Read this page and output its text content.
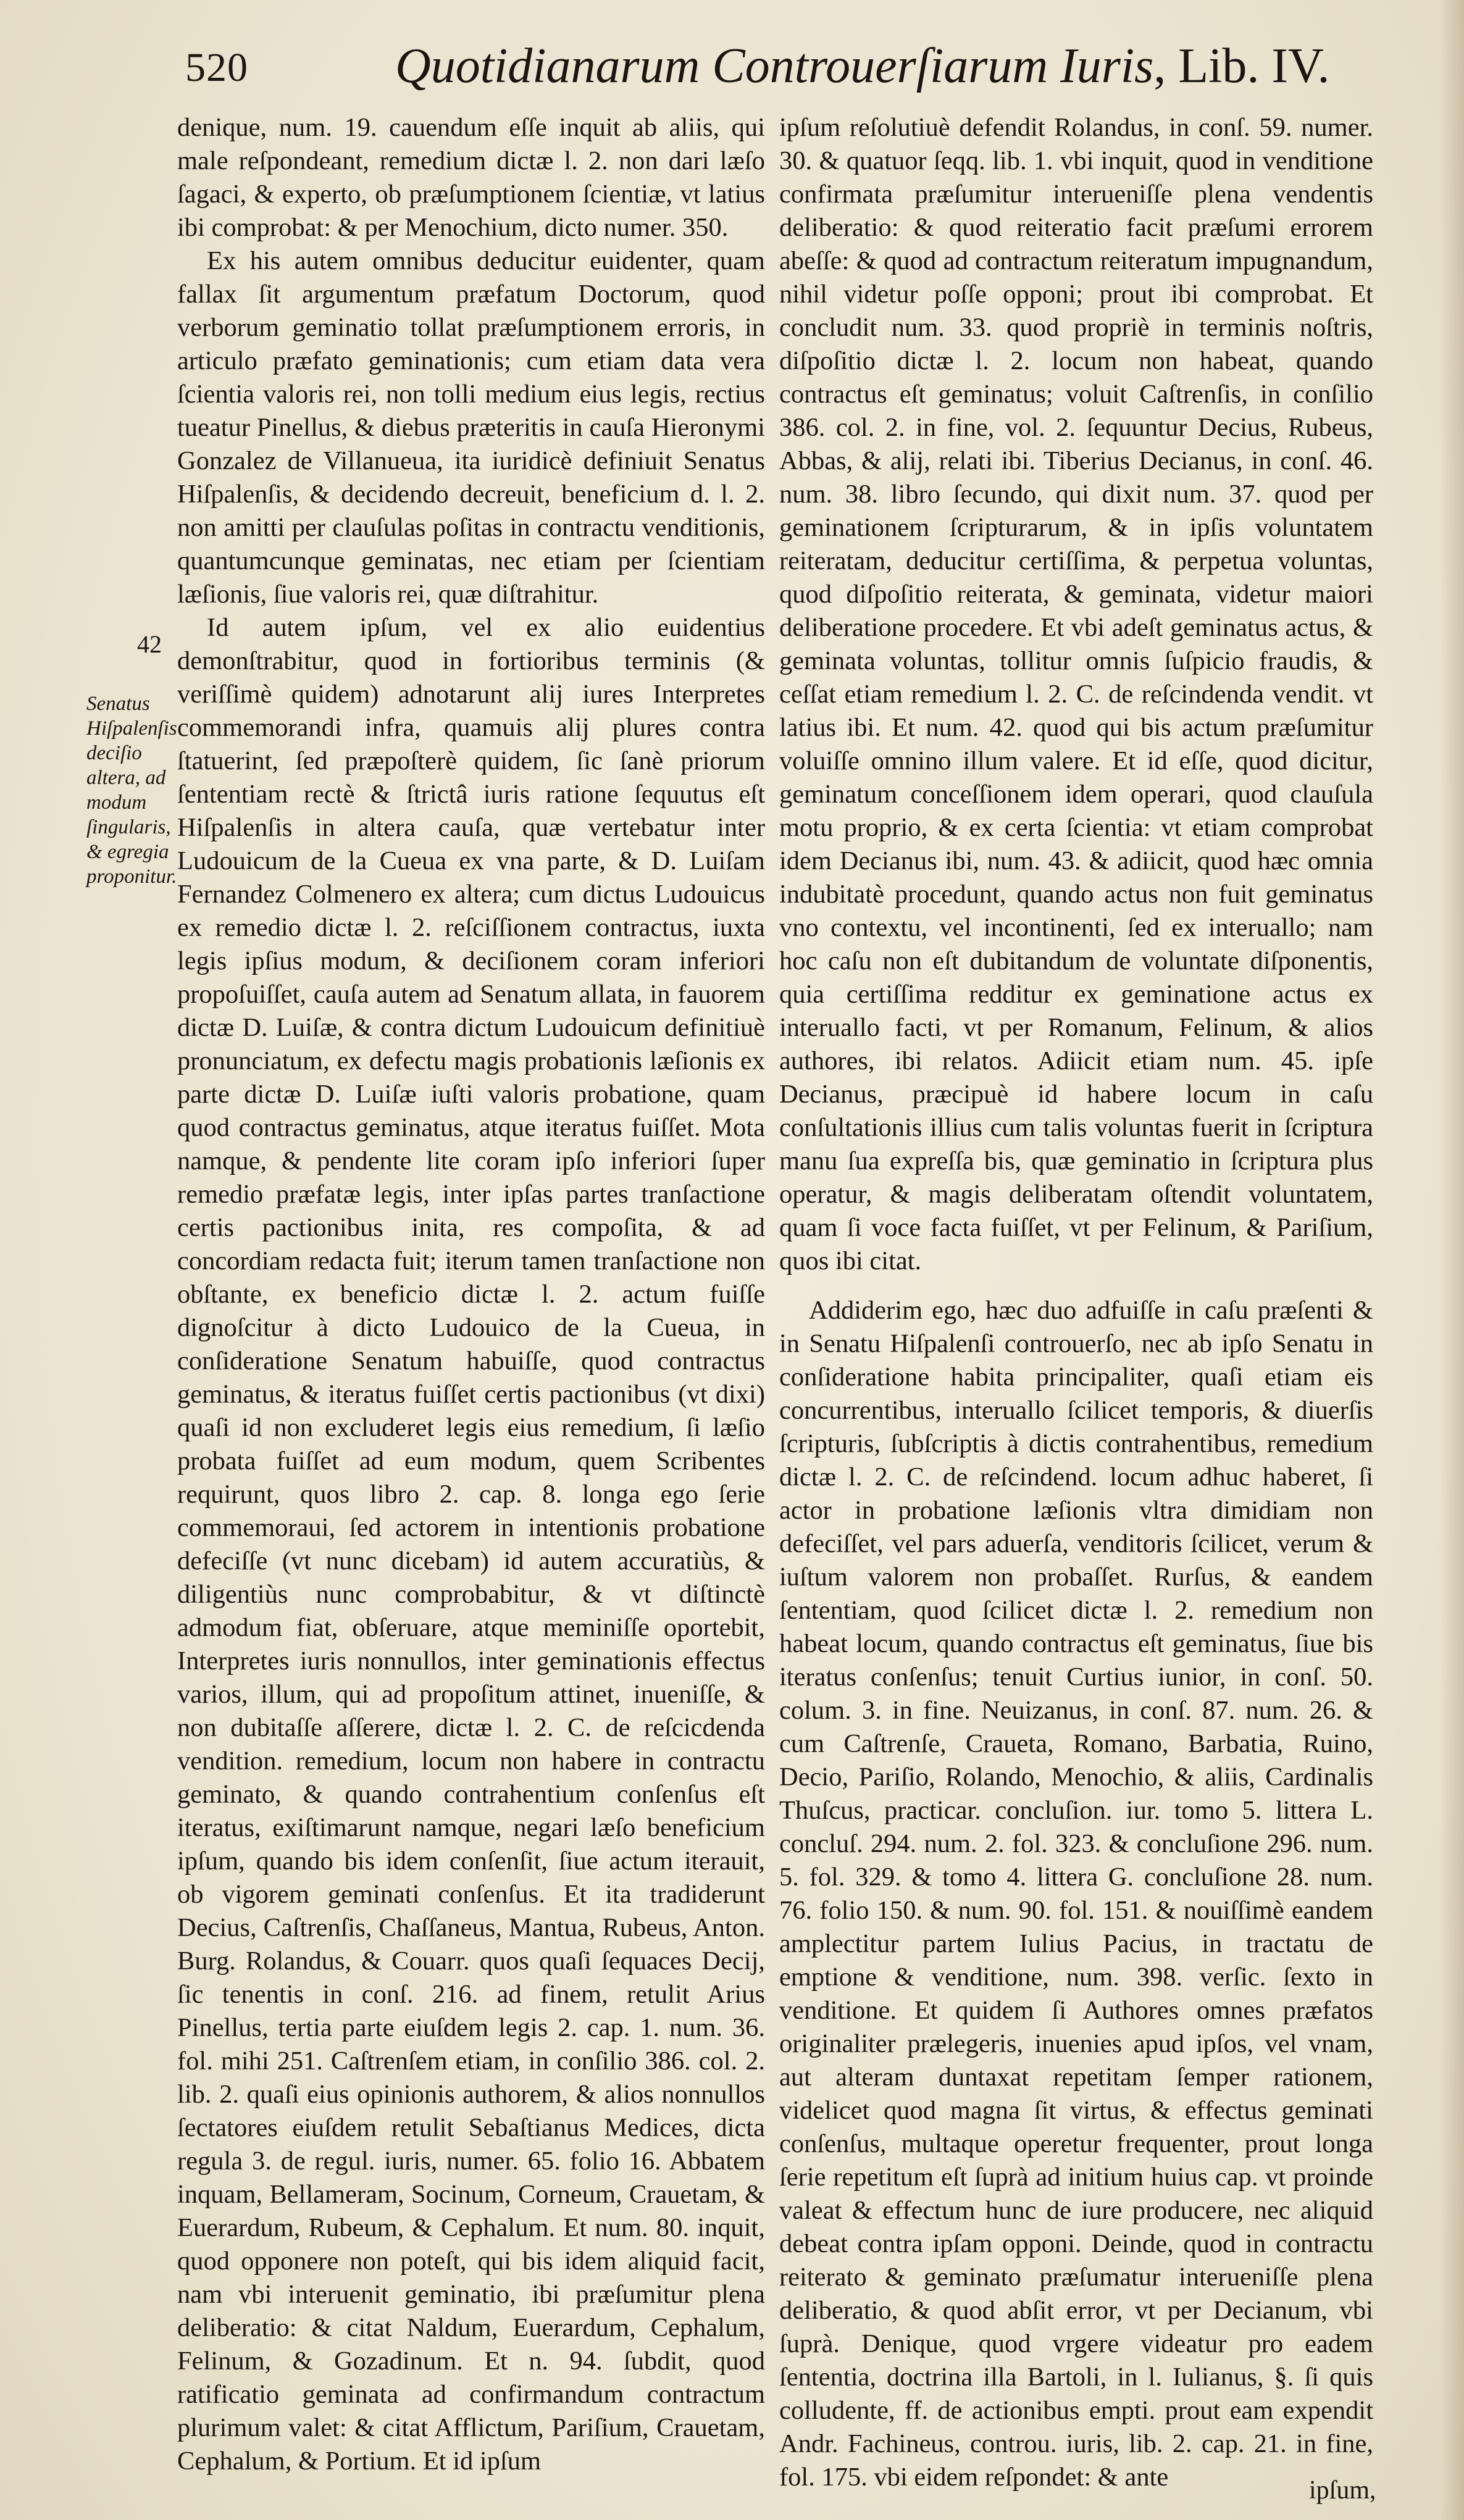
520	Quotidianarum Controuerſiarum Iuris, Lib. IV.
42
Senatus Hiſpalenſis deciſio altera, ad modum ſingularis, & egregia proponitur.

denique, num. 19. cauendum eſſe inquit ab aliis, qui male reſpondeant, remedium dictæ l. 2. non dari læſo ſagaci, & experto, ob præſumptionem ſcientiæ, vt latius ibi comprobat: & per Menochium, dicto numer. 350.

Ex his autem omnibus deducitur euidenter, quam fallax ſit argumentum præfatum Doctorum, quod verborum geminatio tollat præſumptionem erroris, in articulo præfato geminationis; cum etiam data vera ſcientia valoris rei, non tolli medium eius legis, rectius tueatur Pinellus, & diebus præteritis in cauſa Hieronymi Gonzalez de Villanueua, ita iuridicè definiuit Senatus Hiſpalenſis, & decidendo decreuit, beneficium d. l. 2. non amitti per clauſulas poſitas in contractu venditionis, quantumcunque geminatas, nec etiam per ſcientiam læſionis, ſiue valoris rei, quæ diſtrahitur.

Id autem ipſum, vel ex alio euidentius demonſtrabitur, quod in fortioribus terminis (& veriſſimè quidem) adnotarunt alij iures Interpretes commemorandi infra, quamuis alij plures contra ſtatuerint, ſed præpoſterè quidem, ſic ſanè priorum ſententiam rectè & ſtrictâ iuris ratione ſequutus eſt Hiſpalenſis in altera cauſa, quæ vertebatur inter Ludouicum de la Cueua ex vna parte, & D. Luiſam Fernandez Colmenero ex altera; cum dictus Ludouicus ex remedio dictæ l. 2. reſciſſionem contractus, iuxta legis ipſius modum, & deciſionem coram inferiori propoſuiſſet, cauſa autem ad Senatum allata, in fauorem dictæ D. Luiſæ, & contra dictum Ludouicum definitiuè pronunciatum, ex defectu magis probationis læſionis ex parte dictæ D. Luiſæ iuſti valoris probatione, quam quod contractus geminatus, atque iteratus fuiſſet. Mota namque, & pendente lite coram ipſo inferiori ſuper remedio præfatæ legis, inter ipſas partes tranſactione certis pactionibus inita, res compoſita, & ad concordiam redacta fuit; iterum tamen tranſactione non obſtante, ex beneficio dictæ l. 2. actum fuiſſe dignoſcitur à dicto Ludouico de la Cueua, in conſideratione Senatum habuiſſe, quod contractus geminatus, & iteratus fuiſſet certis pactionibus (vt dixi) quaſi id non excluderet legis eius remedium, ſi læſio probata fuiſſet ad eum modum, quem Scribentes requirunt, quos libro 2. cap. 8. longa ego ſerie commemoraui, ſed actorem in intentionis probatione defeciſſe (vt nunc dicebam) id autem accuratiùs, & diligentiùs nunc comprobabitur, & vt diſtinctè admodum fiat, obſeruare, atque meminiſſe oportebit, Interpretes iuris nonnullos, inter geminationis effectus varios, illum, qui ad propoſitum attinet, inueniſſe, & non dubitaſſe aſſerere, dictæ l. 2. C. de reſcicdenda vendition. remedium, locum non habere in contractu geminato, & quando contrahentium conſenſus eſt iteratus, exiſtimarunt namque, negari læſo beneficium ipſum, quando bis idem conſenſit, ſiue actum iterauit, ob vigorem geminati conſenſus. Et ita tradiderunt Decius, Caſtrenſis, Chaſſaneus, Mantua, Rubeus, Anton. Burg. Rolandus, & Couarr. quos quaſi ſequaces Decij, ſic tenentis in conſ. 216. ad finem, retulit Arius Pinellus, tertia parte eiuſdem legis 2. cap. 1. num. 36. fol. mihi 251. Caſtrenſem etiam, in conſilio 386. col. 2. lib. 2. quaſi eius opinionis authorem, & alios nonnullos ſectatores eiuſdem retulit Sebaſtianus Medices, dicta regula 3. de regul. iuris, numer. 65. folio 16. Abbatem inquam, Bellameram, Socinum, Corneum, Crauetam, & Euerardum, Rubeum, & Cephalum. Et num. 80. inquit, quod opponere non poteſt, qui bis idem aliquid facit, nam vbi interuenit geminatio, ibi præſumitur plena deliberatio: & citat Naldum, Euerardum, Cephalum, Felinum, & Gozadinum. Et n. 94. ſubdit, quod ratificatio geminata ad confirmandum contractum plurimum valet: & citat Afflictum, Pariſium, Crauetam, Cephalum, & Portium. Et id ipſum

ipſum reſolutiuè defendit Rolandus, in conſ. 59. numer. 30. & quatuor ſeqq. lib. 1. vbi inquit, quod in venditione confirmata præſumitur interueniſſe plena vendentis deliberatio: & quod reiteratio facit præſumi errorem abeſſe: & quod ad contractum reiteratum impugnandum, nihil videtur poſſe opponi; prout ibi comprobat. Et concludit num. 33. quod propriè in terminis noſtris, diſpoſitio dictæ l. 2. locum non habeat, quando contractus eſt geminatus; voluit Caſtrenſis, in conſilio 386. col. 2. in fine, vol. 2. ſequuntur Decius, Rubeus, Abbas, & alij, relati ibi. Tiberius Decianus, in conſ. 46. num. 38. libro ſecundo, qui dixit num. 37. quod per geminationem ſcripturarum, & in ipſis voluntatem reiteratam, deducitur certiſſima, & perpetua voluntas, quod diſpoſitio reiterata, & geminata, videtur maiori deliberatione procedere. Et vbi adeſt geminatus actus, & geminata voluntas, tollitur omnis ſuſpicio fraudis, & ceſſat etiam remedium l. 2. C. de reſcindenda vendit. vt latius ibi. Et num. 42. quod qui bis actum præſumitur voluiſſe omnino illum valere. Et id eſſe, quod dicitur, geminatum conceſſionem idem operari, quod clauſula motu proprio, & ex certa ſcientia: vt etiam comprobat idem Decianus ibi, num. 43. & adiicit, quod hæc omnia indubitatè procedunt, quando actus non fuit geminatus vno contextu, vel incontinenti, ſed ex interuallo; nam hoc caſu non eſt dubitandum de voluntate diſponentis, quia certiſſima redditur ex geminatione actus ex interuallo facti, vt per Romanum, Felinum, & alios authores, ibi relatos. Adiicit etiam num. 45. ipſe Decianus, præcipuè id habere locum in caſu conſultationis illius cum talis voluntas fuerit in ſcriptura manu ſua expreſſa bis, quæ geminatio in ſcriptura plus operatur, & magis deliberatam oſtendit voluntatem, quam ſi voce facta fuiſſet, vt per Felinum, & Pariſium, quos ibi citat.

Addiderim ego, hæc duo adfuiſſe in caſu præſenti & in Senatu Hiſpalenſi controuerſo, nec ab ipſo Senatu in conſideratione habita principaliter, quaſi etiam eis concurrentibus, interuallo ſcilicet temporis, & diuerſis ſcripturis, ſubſcriptis à dictis contrahentibus, remedium dictæ l. 2. C. de reſcindend. locum adhuc haberet, ſi actor in probatione læſionis vltra dimidiam non defeciſſet, vel pars aduerſa, venditoris ſcilicet, verum & iuſtum valorem non probaſſet. Rurſus, & eandem ſententiam, quod ſcilicet dictæ l. 2. remedium non habeat locum, quando contractus eſt geminatus, ſiue bis iteratus conſenſus; tenuit Curtius iunior, in conſ. 50. colum. 3. in fine. Neuizanus, in conſ. 87. num. 26. & cum Caſtrenſe, Craueta, Romano, Barbatia, Ruino, Decio, Pariſio, Rolando, Menochio, & aliis, Cardinalis Thuſcus, practicar. concluſion. iur. tomo 5. littera L. concluſ. 294. num. 2. fol. 323. & concluſione 296. num. 5. fol. 329. & tomo 4. littera G. concluſione 28. num. 76. folio 150. & num. 90. fol. 151. & nouiſſimè eandem amplectitur partem Iulius Pacius, in tractatu de emptione & venditione, num. 398. verſic. ſexto in venditione. Et quidem ſi Authores omnes præfatos originaliter prælegeris, inuenies apud ipſos, vel vnam, aut alteram duntaxat repetitam ſemper rationem, videlicet quod magna ſit virtus, & effectus geminati conſenſus, multaque operetur frequenter, prout longa ſerie repetitum eſt ſuprà ad initium huius cap. vt proinde valeat & effectum hunc de iure producere, nec aliquid debeat contra ipſam opponi. Deinde, quod in contractu reiterato & geminato præſumatur interueniſſe plena deliberatio, & quod abſit error, vt per Decianum, vbi ſuprà. Denique, quod vrgere videatur pro eadem ſententia, doctrina illa Bartoli, in l. Iulianus, §. ſi quis colludente, ff. de actionibus empti. prout eam expendit Andr. Fachineus, controu. iuris, lib. 2. cap. 21. in fine, fol. 175. vbi eidem reſpondet: & ante	ipſum,
